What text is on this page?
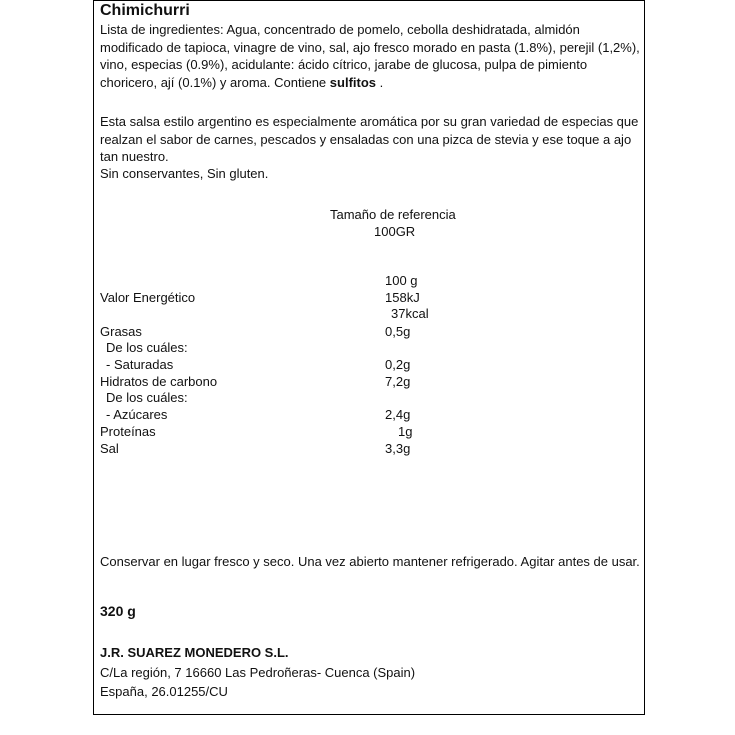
Chimichurri

Lista de ingredientes: Agua, concentrado de pomelo, cebolla deshidratada, almidón modificado de tapioca, vinagre de vino, sal, ajo fresco morado en pasta (1.8%), perejil (1,2%), vino, especias (0.9%), acidulante: ácido cítrico, jarabe de glucosa, pulpa de pimiento choricero, ají (0.1%) y aroma. Contiene sulfitos .

Esta salsa estilo argentino es especialmente aromática por su gran variedad de especias que realzan el sabor de carnes, pescados y ensaladas con una pizca de stevia y ese toque a ajo tan nuestro.

Sin conservantes, Sin gluten.

Tamaño de referencia

100GR

100 g

Valor Energético	158kJ

37kcal

Grasas	0,5g

De los cuáles:

- Saturadas	0,2g

Hidratos de carbono	7,2g

De los cuáles:

- Azúcares	2,4g

Proteínas	1g

Sal	3,3g

Conservar en lugar fresco y seco. Una vez abierto mantener refrigerado. Agitar antes de usar.

320 g

J.R. SUAREZ MONEDERO S.L.

C/La región, 7 16660 Las Pedroñeras- Cuenca (Spain)

España, 26.01255/CU
